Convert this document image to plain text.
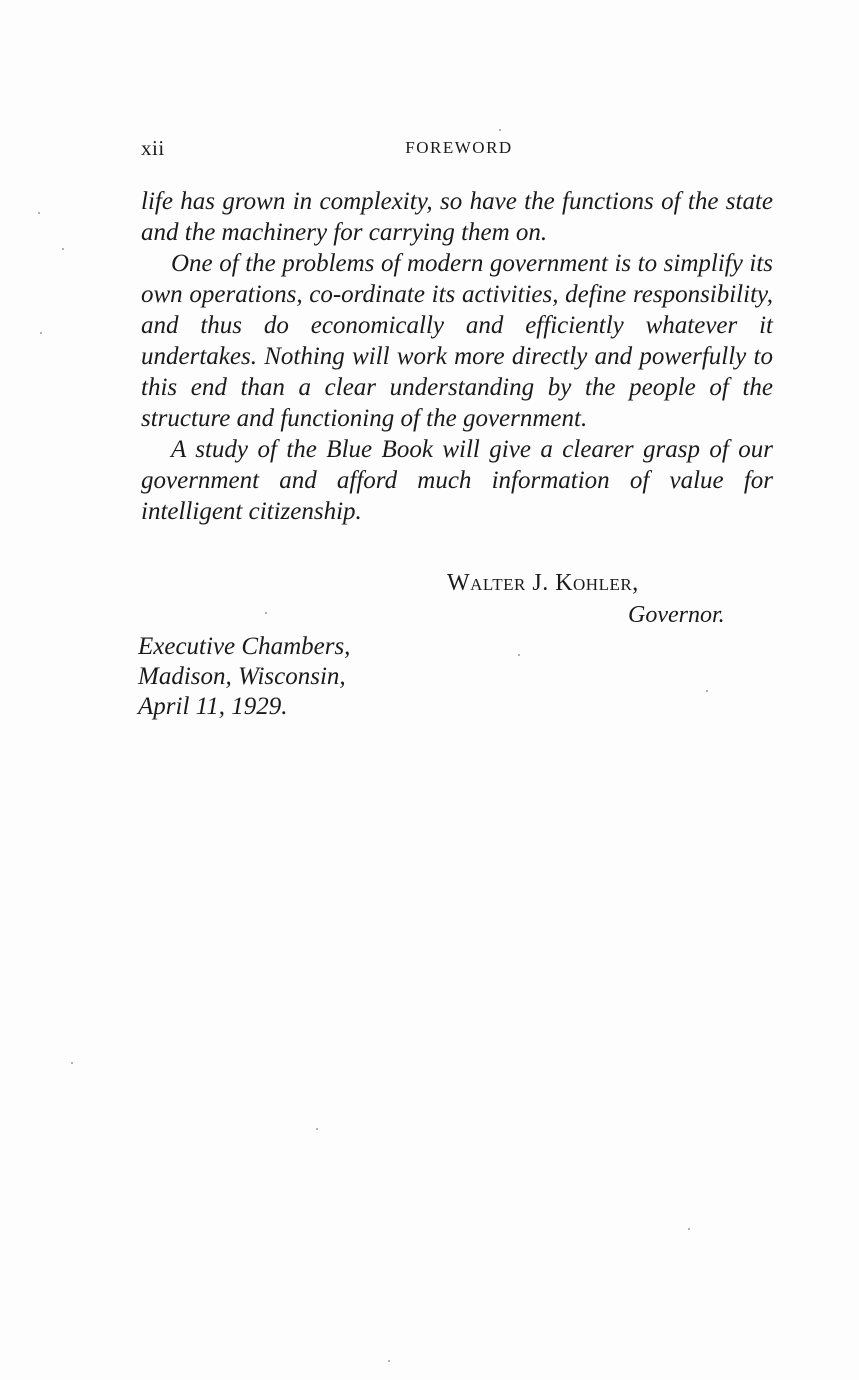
xii	FOREWORD

life has grown in complexity, so have the functions of the state and the machinery for carrying them on.

One of the problems of modern government is to simplify its own operations, co-ordinate its activities, define responsibility, and thus do economically and efficiently whatever it undertakes. Nothing will work more directly and powerfully to this end than a clear understanding by the people of the structure and functioning of the government.

A study of the Blue Book will give a clearer grasp of our government and afford much information of value for intelligent citizenship.

Walter J. Kohler,
Governor.
Executive Chambers,
Madison, Wisconsin,
April 11, 1929.
